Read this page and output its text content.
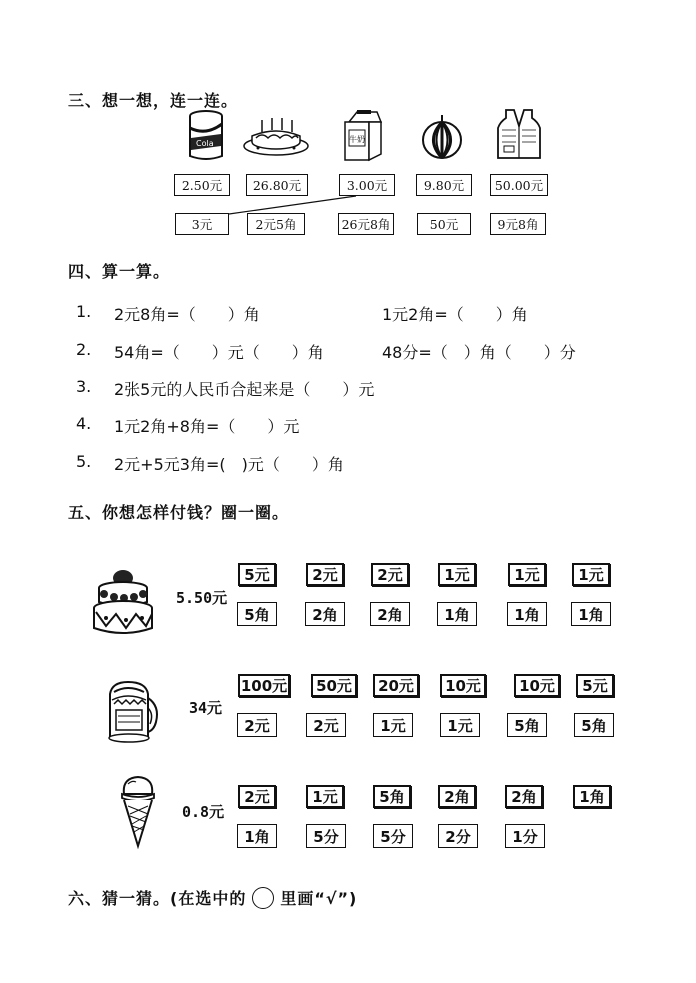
三、想一想，连一连。
Cola	牛奶
2.50元	26.80元	3.00元	9.80元	50.00元
3元	2元5角	26元8角	50元	9元8角
四、算一算。
1. 2元8角=（　　）角	1元2角=（　　）角
2. 54角=（　　）元（　　）角	48分=（　）角（　　）分
3. 2张5元的人民币合起来是（　　）元
4. 1元2角+8角=（　　）元
5. 2元+5元3角=(　)元（　　）角
五、你想怎样付钱？圈一圈。
5.50元
5元	2元	2元	1元	1元	1元
5角	2角	2角	1角	1角	1角
34元
100元	50元	20元	10元	10元	5元
2元	2元	1元	1元	5角	5角
0.8元
2元	1元	5角	2角	2角	1角
1角	5分	5分	2分	1分
六、猜一猜。(在选中的 里画“√”)
